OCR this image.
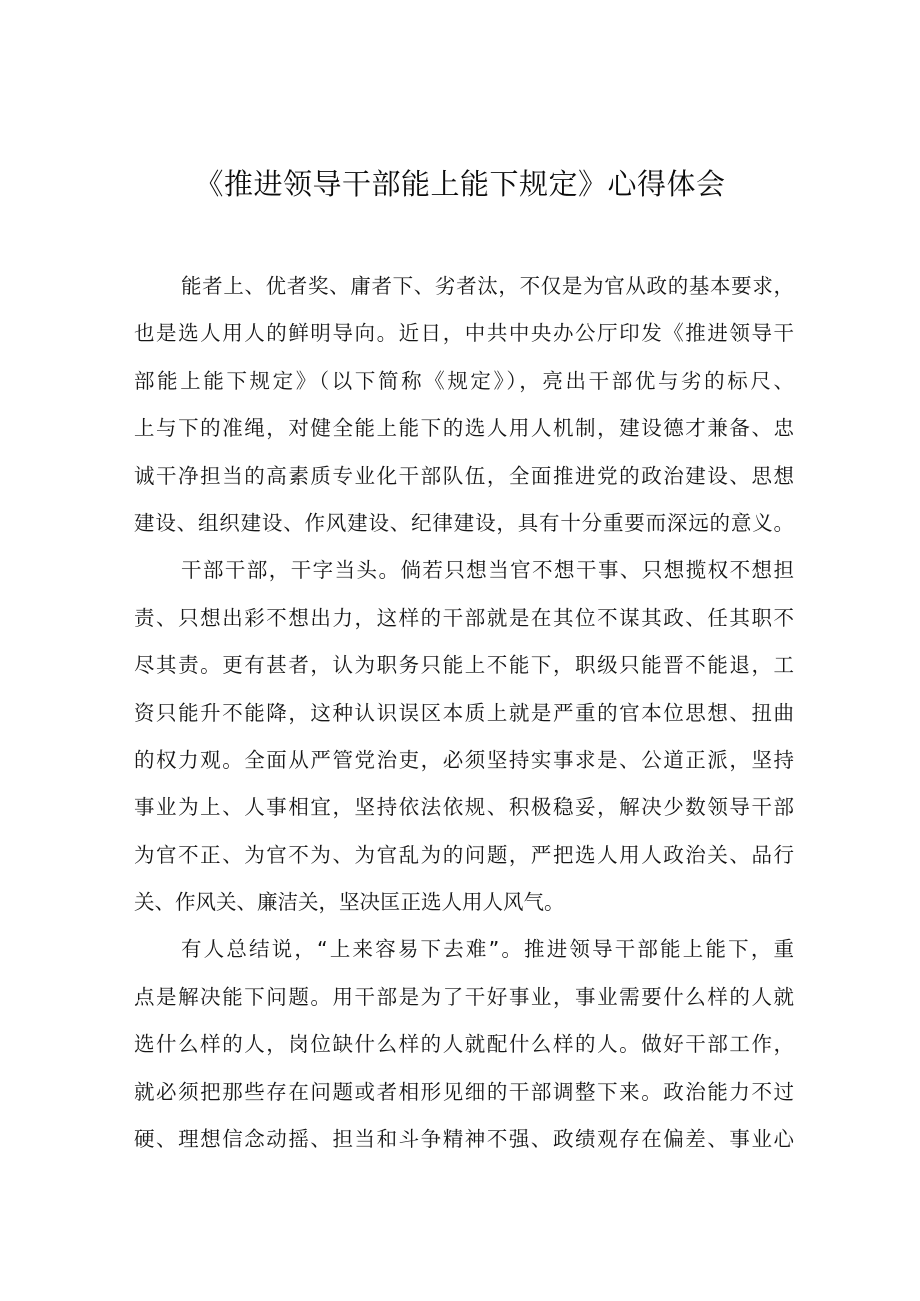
《推进领导干部能上能下规定》心得体会
能者上、优者奖、庸者下、劣者汰，不仅是为官从政的基本要求，
也是选人用人的鲜明导向。近日，中共中央办公厅印发《推进领导干
部能上能下规定》（以下简称《规定》），亮出干部优与劣的标尺、
上与下的准绳，对健全能上能下的选人用人机制，建设德才兼备、忠
诚干净担当的高素质专业化干部队伍，全面推进党的政治建设、思想
建设、组织建设、作风建设、纪律建设，具有十分重要而深远的意义。
干部干部，干字当头。倘若只想当官不想干事、只想揽权不想担
责、只想出彩不想出力，这样的干部就是在其位不谋其政、任其职不
尽其责。更有甚者，认为职务只能上不能下，职级只能晋不能退，工
资只能升不能降，这种认识误区本质上就是严重的官本位思想、扭曲
的权力观。全面从严管党治吏，必须坚持实事求是、公道正派，坚持
事业为上、人事相宜，坚持依法依规、积极稳妥，解决少数领导干部
为官不正、为官不为、为官乱为的问题，严把选人用人政治关、品行
关、作风关、廉洁关，坚决匡正选人用人风气。
有人总结说，“上来容易下去难”。推进领导干部能上能下，重
点是解决能下问题。用干部是为了干好事业，事业需要什么样的人就
选什么样的人，岗位缺什么样的人就配什么样的人。做好干部工作，
就必须把那些存在问题或者相形见细的干部调整下来。政治能力不过
硬、理想信念动摇、担当和斗争精神不强、政绩观存在偏差、事业心
